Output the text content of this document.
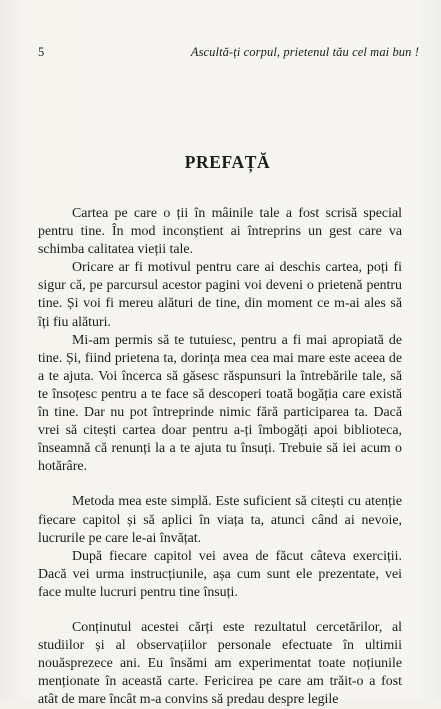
5	Ascultă-ți corpul, prietenul tău cel mai bun !
PREFAȚĂ

Cartea pe care o ții în mâinile tale a fost scrisă special pentru tine. În mod inconștient ai întreprins un gest care va schimba calitatea vieții tale.

Oricare ar fi motivul pentru care ai deschis cartea, poți fi sigur că, pe parcursul acestor pagini voi deveni o prietenă pentru tine. Și voi fi mereu alături de tine, din moment ce m-ai ales să îți fiu alături.

Mi-am permis să te tutuiesc, pentru a fi mai apropiată de tine. Și, fiind prietena ta, dorința mea cea mai mare este aceea de a te ajuta. Voi încerca să găsesc răspunsuri la întrebările tale, să te însoțesc pentru a te face să descoperi toată bogăția care există în tine. Dar nu pot întreprinde nimic fără participarea ta. Dacă vrei să citești cartea doar pentru a-ți îmbogăți apoi biblioteca, înseamnă că renunți la a te ajuta tu însuți. Trebuie să iei acum o hotărâre.

Metoda mea este simplă. Este suficient să citești cu atenție fiecare capitol și să aplici în viața ta, atunci când ai nevoie, lucrurile pe care le-ai învățat.

După fiecare capitol vei avea de făcut câteva exerciții. Dacă vei urma instrucțiunile, așa cum sunt ele prezentate, vei face multe lucruri pentru tine însuți.

Conținutul acestei cărți este rezultatul cercetărilor, al studiilor și al observațiilor personale efectuate în ultimii nouăsprezece ani. Eu însămi am experimentat toate noțiunile menționate în această carte. Fericirea pe care am trăit-o a fost atât de mare încât m-a convins să predau despre legile
